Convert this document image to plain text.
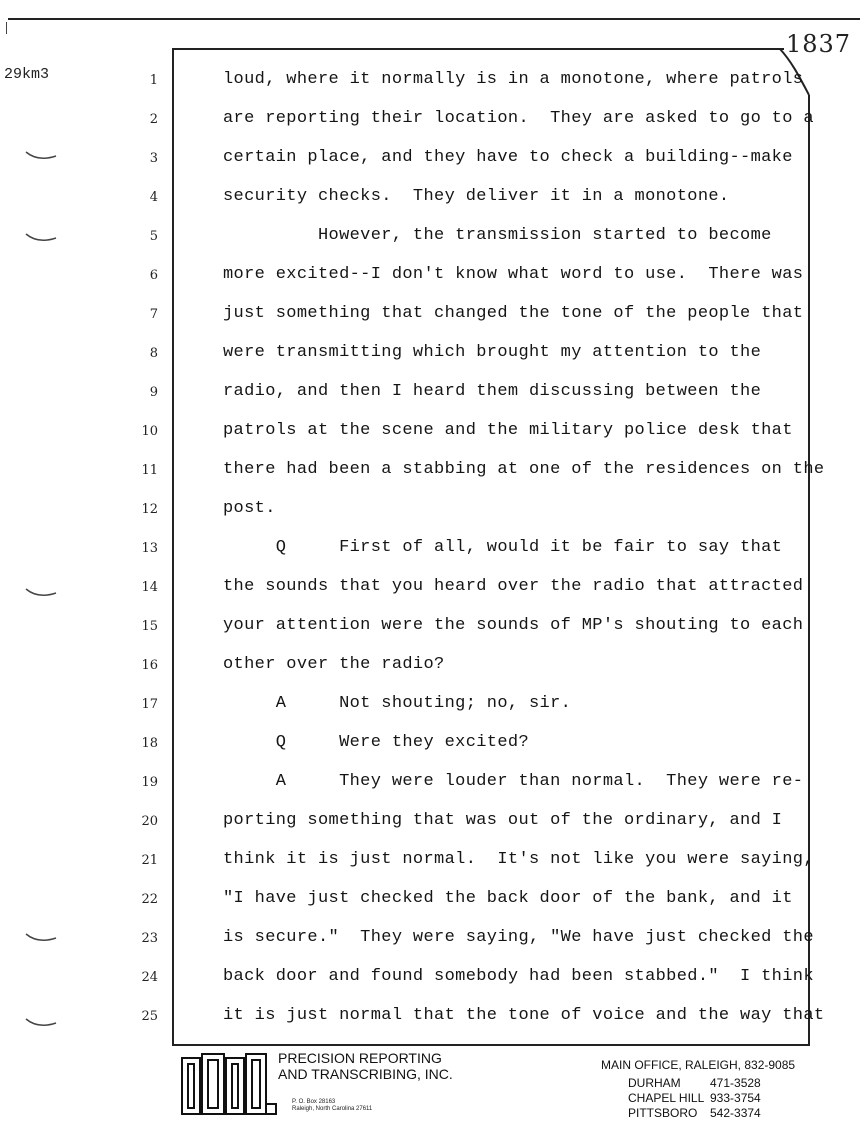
1837
29km3	1
2
3
4
5
6
7
8
9
10
11
12
13
14
15
16
17
18
19
20
21
22
23
24
25
loud, where it normally is in a monotone, where patrols
are reporting their location.  They are asked to go to a
certain place, and they have to check a building--make
security checks.  They deliver it in a monotone.
However, the transmission started to become
more excited--I don't know what word to use.  There was
just something that changed the tone of the people that
were transmitting which brought my attention to the
radio, and then I heard them discussing between the
patrols at the scene and the military police desk that
there had been a stabbing at one of the residences on the
post.
Q     First of all, would it be fair to say that
the sounds that you heard over the radio that attracted
your attention were the sounds of MP's shouting to each
other over the radio?
A     Not shouting; no, sir.
Q     Were they excited?
A     They were louder than normal.  They were re-
porting something that was out of the ordinary, and I
think it is just normal.  It's not like you were saying,
"I have just checked the back door of the bank, and it
is secure."  They were saying, "We have just checked the
back door and found somebody had been stabbed."  I think
it is just normal that the tone of voice and the way that
P&T
PRECISION REPORTING
AND TRANSCRIBING, INC.
P. O. Box 28163
Raleigh, North Carolina 27611
MAIN OFFICE, RALEIGH, 832-9085
DURHAM 471-3528
CHAPEL HILL 933-3754
PITTSBORO 542-3374
